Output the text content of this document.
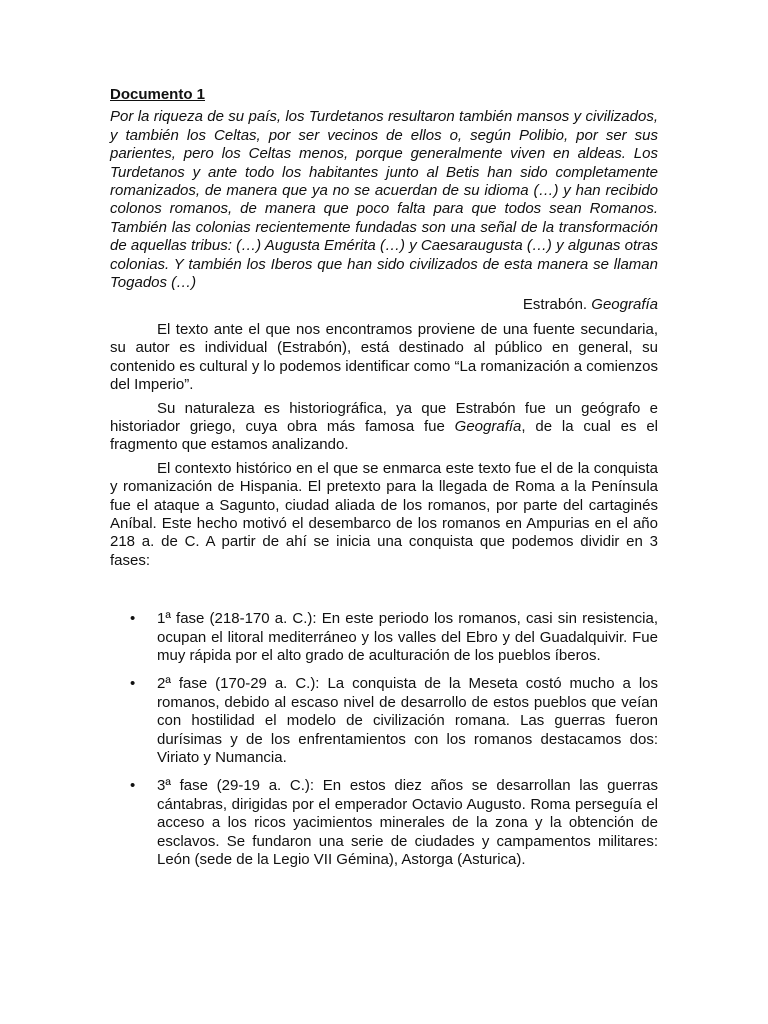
Documento 1

Por la riqueza de su país, los Turdetanos resultaron también mansos y civilizados, y también los Celtas, por ser vecinos de ellos o, según Polibio, por ser sus parientes, pero los Celtas menos, porque generalmente viven en aldeas. Los Turdetanos y ante todo los habitantes junto al Betis han sido completamente romanizados, de manera que ya no se acuerdan de su idioma (…) y han recibido colonos romanos, de manera que poco falta para que todos sean Romanos. También las colonias recientemente fundadas son una señal de la transformación de aquellas tribus: (…) Augusta Emérita (…) y Caesaraugusta (…) y algunas otras colonias. Y también los Iberos que han sido civilizados de esta manera se llaman Togados (…)

Estrabón. Geografía

El texto ante el que nos encontramos proviene de una fuente secundaria, su autor es individual (Estrabón), está destinado al público en general, su contenido es cultural y lo podemos identificar como “La romanización a comienzos del Imperio”.

Su naturaleza es historiográfica, ya que Estrabón fue un geógrafo e historiador griego, cuya obra más famosa fue Geografía, de la cual es el fragmento que estamos analizando.

El contexto histórico en el que se enmarca este texto fue el de la conquista y romanización de Hispania. El pretexto para la llegada de Roma a la Península fue el ataque a Sagunto, ciudad aliada de los romanos, por parte del cartaginés Aníbal. Este hecho motivó el desembarco de los romanos en Ampurias en el año 218 a. de C. A partir de ahí se inicia una conquista que podemos dividir en 3 fases:

• 1ª fase (218-170 a. C.): En este periodo los romanos, casi sin resistencia, ocupan el litoral mediterráneo y los valles del Ebro y del Guadalquivir. Fue muy rápida por el alto grado de aculturación de los pueblos íberos.
• 2ª fase (170-29 a. C.): La conquista de la Meseta costó mucho a los romanos, debido al escaso nivel de desarrollo de estos pueblos que veían con hostilidad el modelo de civilización romana. Las guerras fueron durísimas y de los enfrentamientos con los romanos destacamos dos: Viriato y Numancia.
• 3ª fase (29-19 a. C.): En estos diez años se desarrollan las guerras cántabras, dirigidas por el emperador Octavio Augusto. Roma perseguía el acceso a los ricos yacimientos minerales de la zona y la obtención de esclavos. Se fundaron una serie de ciudades y campamentos militares: León (sede de la Legio VII Gémina), Astorga (Asturica).
